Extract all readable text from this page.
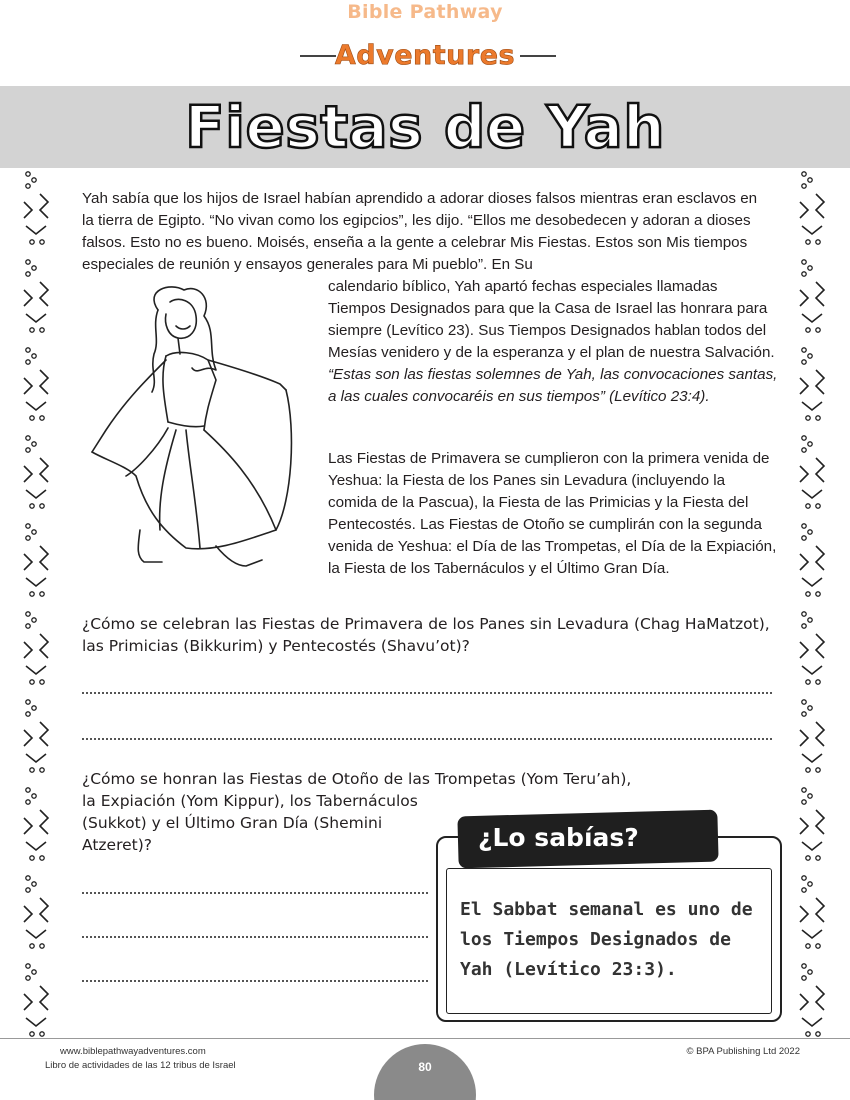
Bible Pathway
Adventures
Fiestas de Yah
Yah sabía que los hijos de Israel habían aprendido a adorar dioses falsos mientras eran esclavos en la tierra de Egipto. “No vivan como los egipcios”, les dijo. “Ellos me desobedecen y adoran a dioses falsos. Esto no es bueno. Moisés, enseña a la gente a celebrar Mis Fiestas. Estos son Mis tiempos especiales de reunión y ensayos generales para Mi pueblo”. En Su
calendario bíblico, Yah apartó fechas especiales llamadas Tiempos Designados para que la Casa de Israel las honrara para siempre (Levítico 23). Sus Tiempos Designados hablan todos del Mesías venidero y de la esperanza y el plan de nuestra Salvación. “Estas son las fiestas solemnes de Yah, las convocaciones santas, a las cuales convocaréis en sus tiempos” (Levítico 23:4).
Las Fiestas de Primavera se cumplieron con la primera venida de Yeshua: la Fiesta de los Panes sin Levadura (incluyendo la comida de la Pascua), la Fiesta de las Primicias y la Fiesta del Pentecostés. Las Fiestas de Otoño se cumplirán con la segunda venida de Yeshua: el Día de las Trompetas, el Día de la Expiación, la Fiesta de los Tabernáculos y el Último Gran Día.
¿Cómo se celebran las Fiestas de Primavera de los Panes sin Levadura (Chag HaMatzot), las Primicias (Bikkurim) y Pentecostés (Shavu’ot)?
¿Cómo se honran las Fiestas de Otoño de las Trompetas (Yom Teru’ah),
la Expiación (Yom Kippur), los Tabernáculos (Sukkot) y el Último Gran Día (Shemini Atzeret)?	¿Lo sabías?
El Sabbat semanal es uno de los Tiempos Designados de Yah (Levítico 23:3).
www.biblepathwayadventures.com
Libro de actividades de las 12 tribus de Israel
© BPA Publishing Ltd 2022
80
